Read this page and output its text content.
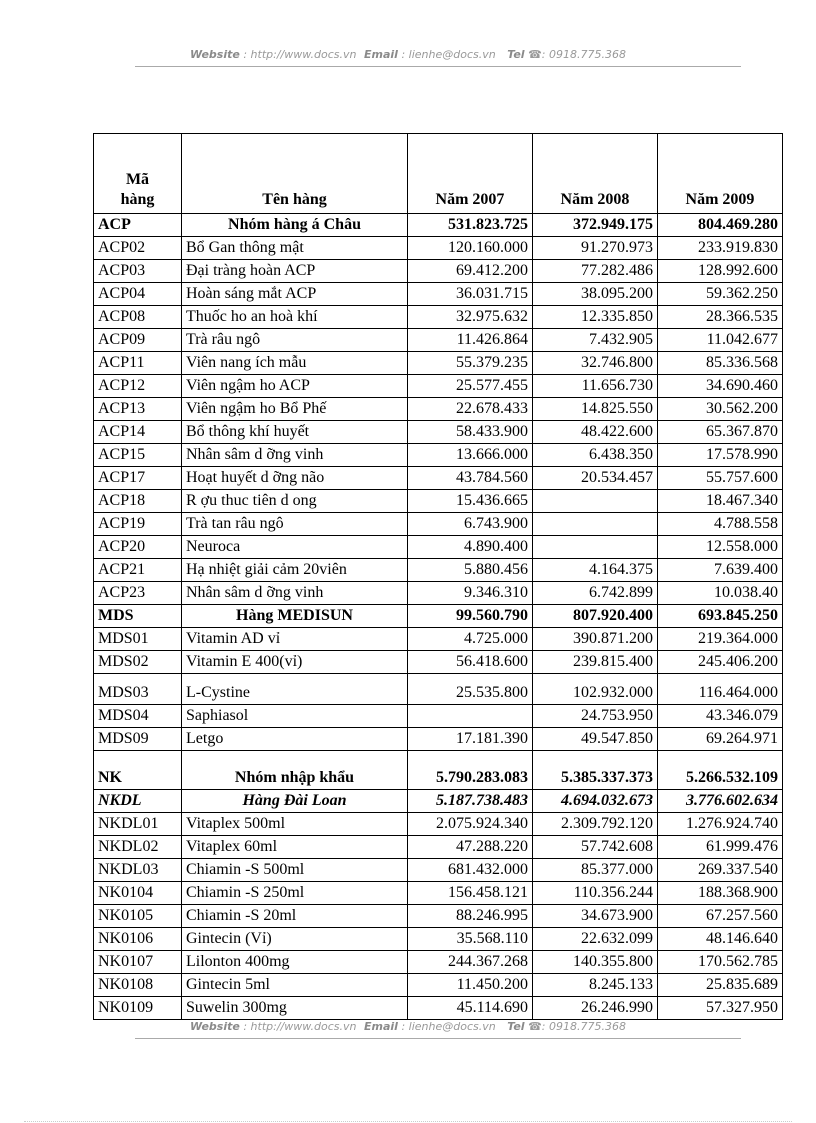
Website : http://www.docs.vn Email : lienhe@docs.vn Tel ☎: 0918.775.368
Mã hàng	Tên hàng	Năm 2007	Năm 2008	Năm 2009
ACP	Nhóm hàng á Châu	531.823.725	372.949.175	804.469.280
ACP02	Bổ Gan thông mật	120.160.000	91.270.973	233.919.830
ACP03	Đại tràng hoàn ACP	69.412.200	77.282.486	128.992.600
ACP04	Hoàn sáng mắt ACP	36.031.715	38.095.200	59.362.250
ACP08	Thuốc ho an hoà khí	32.975.632	12.335.850	28.366.535
ACP09	Trà râu ngô	11.426.864	7.432.905	11.042.677
ACP11	Viên nang ích mẫu	55.379.235	32.746.800	85.336.568
ACP12	Viên ngậm ho ACP	25.577.455	11.656.730	34.690.460
ACP13	Viên ngậm ho Bổ Phế	22.678.433	14.825.550	30.562.200
ACP14	Bổ thông khí huyết	58.433.900	48.422.600	65.367.870
ACP15	Nhân sâm d ỡng vinh	13.666.000	6.438.350	17.578.990
ACP17	Hoạt huyết d ỡng não	43.784.560	20.534.457	55.757.600
ACP18	R ợu thuc tiên d ong	15.436.665		18.467.340
ACP19	Trà tan râu ngô	6.743.900		4.788.558
ACP20	Neuroca	4.890.400		12.558.000
ACP21	Hạ nhiệt giải cảm 20viên	5.880.456	4.164.375	7.639.400
ACP23	Nhân sâm d ỡng vinh	9.346.310	6.742.899	10.038.40
MDS	Hàng MEDISUN	99.560.790	807.920.400	693.845.250
MDS01	Vitamin AD vỉ	4.725.000	390.871.200	219.364.000
MDS02	Vitamin E 400(vỉ)	56.418.600	239.815.400	245.406.200
MDS03	L-Cystine	25.535.800	102.932.000	116.464.000
MDS04	Saphiasol		24.753.950	43.346.079
MDS09	Letgo	17.181.390	49.547.850	69.264.971
NK	Nhóm nhập khẩu	5.790.283.083	5.385.337.373	5.266.532.109
NKDL	Hàng Đài Loan	5.187.738.483	4.694.032.673	3.776.602.634
NKDL01	Vitaplex 500ml	2.075.924.340	2.309.792.120	1.276.924.740
NKDL02	Vitaplex 60ml	47.288.220	57.742.608	61.999.476
NKDL03	Chiamin -S 500ml	681.432.000	85.377.000	269.337.540
NK0104	Chiamin -S 250ml	156.458.121	110.356.244	188.368.900
NK0105	Chiamin -S 20ml	88.246.995	34.673.900	67.257.560
NK0106	Gintecin (Vỉ)	35.568.110	22.632.099	48.146.640
NK0107	Lilonton 400mg	244.367.268	140.355.800	170.562.785
NK0108	Gintecin 5ml	11.450.200	8.245.133	25.835.689
NK0109	Suwelin 300mg	45.114.690	26.246.990	57.327.950
Website : http://www.docs.vn Email : lienhe@docs.vn Tel ☎: 0918.775.368
